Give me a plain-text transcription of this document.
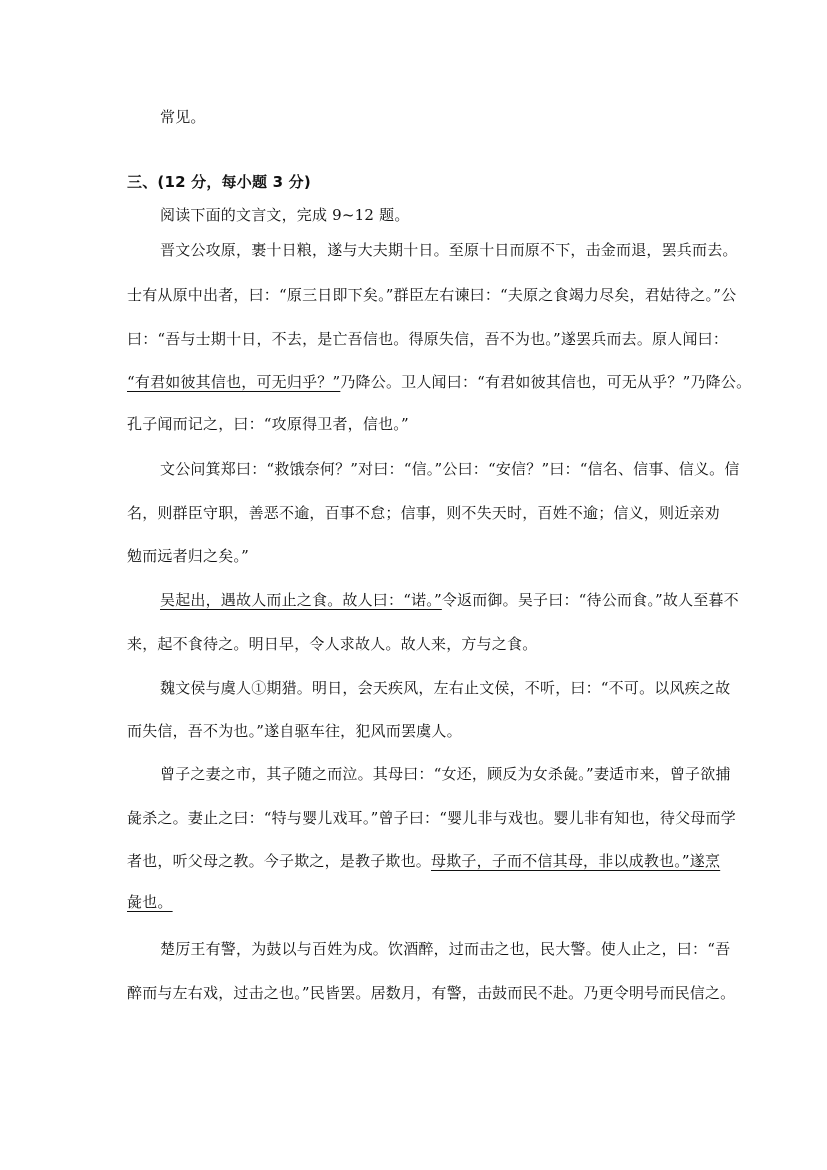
常见。
三、(12 分，每小题 3 分)
阅读下面的文言文，完成 9~12 题。
晋文公攻原，裹十日粮，遂与大夫期十日。至原十日而原不下，击金而退，罢兵而去。
士有从原中出者，曰：“原三日即下矣。”群臣左右谏曰：“夫原之食竭力尽矣，君姑待之。”公
曰：“吾与士期十日，不去，是亡吾信也。得原失信，吾不为也。”遂罢兵而去。原人闻曰：
“有君如彼其信也，可无归乎？”乃降公。卫人闻曰：“有君如彼其信也，可无从乎？”乃降公。
孔子闻而记之，曰：“攻原得卫者，信也。”
文公问箕郑曰：“救饿奈何？”对曰：“信。”公曰：“安信？”曰：“信名、信事、信义。信
名，则群臣守职，善恶不逾，百事不怠；信事，则不失天时，百姓不逾；信义，则近亲劝
勉而远者归之矣。”
吴起出，遇故人而止之食。故人曰：“诺。”令返而御。吴子曰：“待公而食。”故人至暮不
来，起不食待之。明日早，令人求故人。故人来，方与之食。
魏文侯与虞人①期猎。明日，会天疾风，左右止文侯，不听，曰：“不可。以风疾之故
而失信，吾不为也。”遂自驱车往，犯风而罢虞人。
曾子之妻之市，其子随之而泣。其母曰：“女还，顾反为女杀彘。”妻适市来，曾子欲捕
彘杀之。妻止之曰：“特与婴儿戏耳。”曾子曰：“婴儿非与戏也。婴儿非有知也，待父母而学
者也，听父母之教。今子欺之，是教子欺也。母欺子，子而不信其母，非以成教也。”遂烹
彘也。
楚厉王有警，为鼓以与百姓为戍。饮酒醉，过而击之也，民大警。使人止之，曰：“吾
醉而与左右戏，过击之也。”民皆罢。居数月，有警，击鼓而民不赴。乃更令明号而民信之。
